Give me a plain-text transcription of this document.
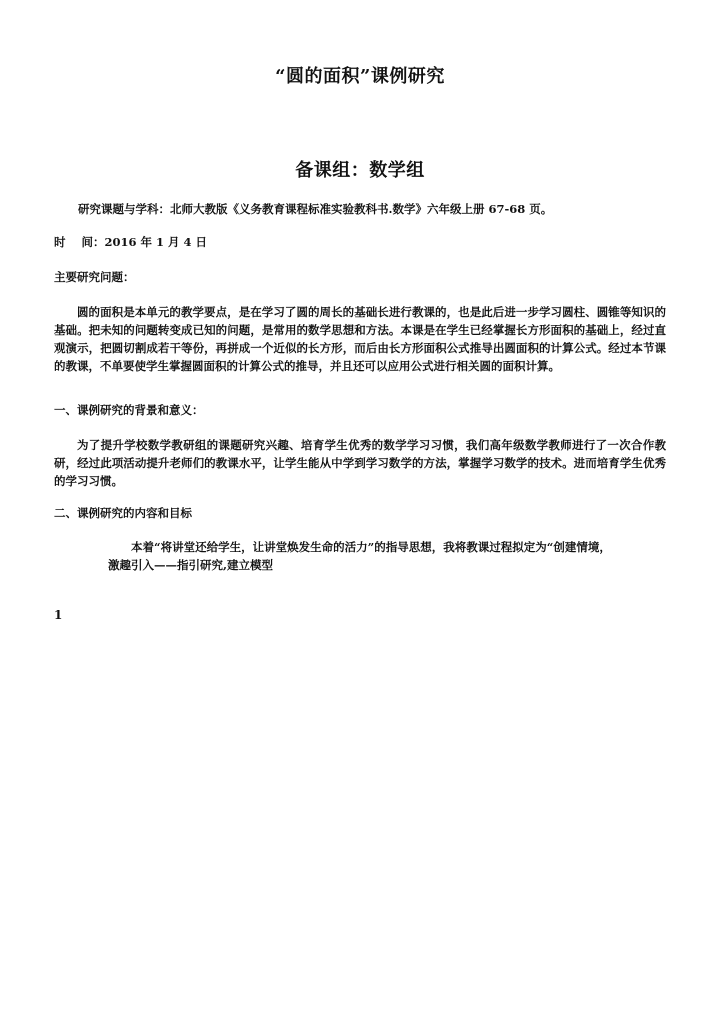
“圆的面积”课例研究
备课组：数学组
研究课题与学科：北师大教版《义务教育课程标准实验教科书.数学》六年级上册 67-68 页。
时    间：2016 年 1 月 4 日
主要研究问题：
圆的面积是本单元的教学要点，是在学习了圆的周长的基础长进行教课的，也是此后进一步学习圆柱、圆锥等知识的基础。把未知的问题转变成已知的问题，是常用的数学思想和方法。本课是在学生已经掌握长方形面积的基础上，经过直观演示，把圆切割成若干等份，再拼成一个近似的长方形，而后由长方形面积公式推导出圆面积的计算公式。经过本节课的教课，不单要使学生掌握圆面积的计算公式的推导，并且还可以应用公式进行相关圆的面积计算。
一、课例研究的背景和意义：
为了提升学校数学教研组的课题研究兴趣、培育学生优秀的数学学习习惯，我们高年级数学教师进行了一次合作教研，经过此项活动提升老师们的教课水平，让学生能从中学到学习数学的方法，掌握学习数学的技术。进而培育学生优秀的学习习惯。
二、课例研究的内容和目标
本着“将讲堂还给学生，让讲堂焕发生命的活力”的指导思想，我将教课过程拟定为“创建情境，激趣引入——指引研究,建立模型
1
